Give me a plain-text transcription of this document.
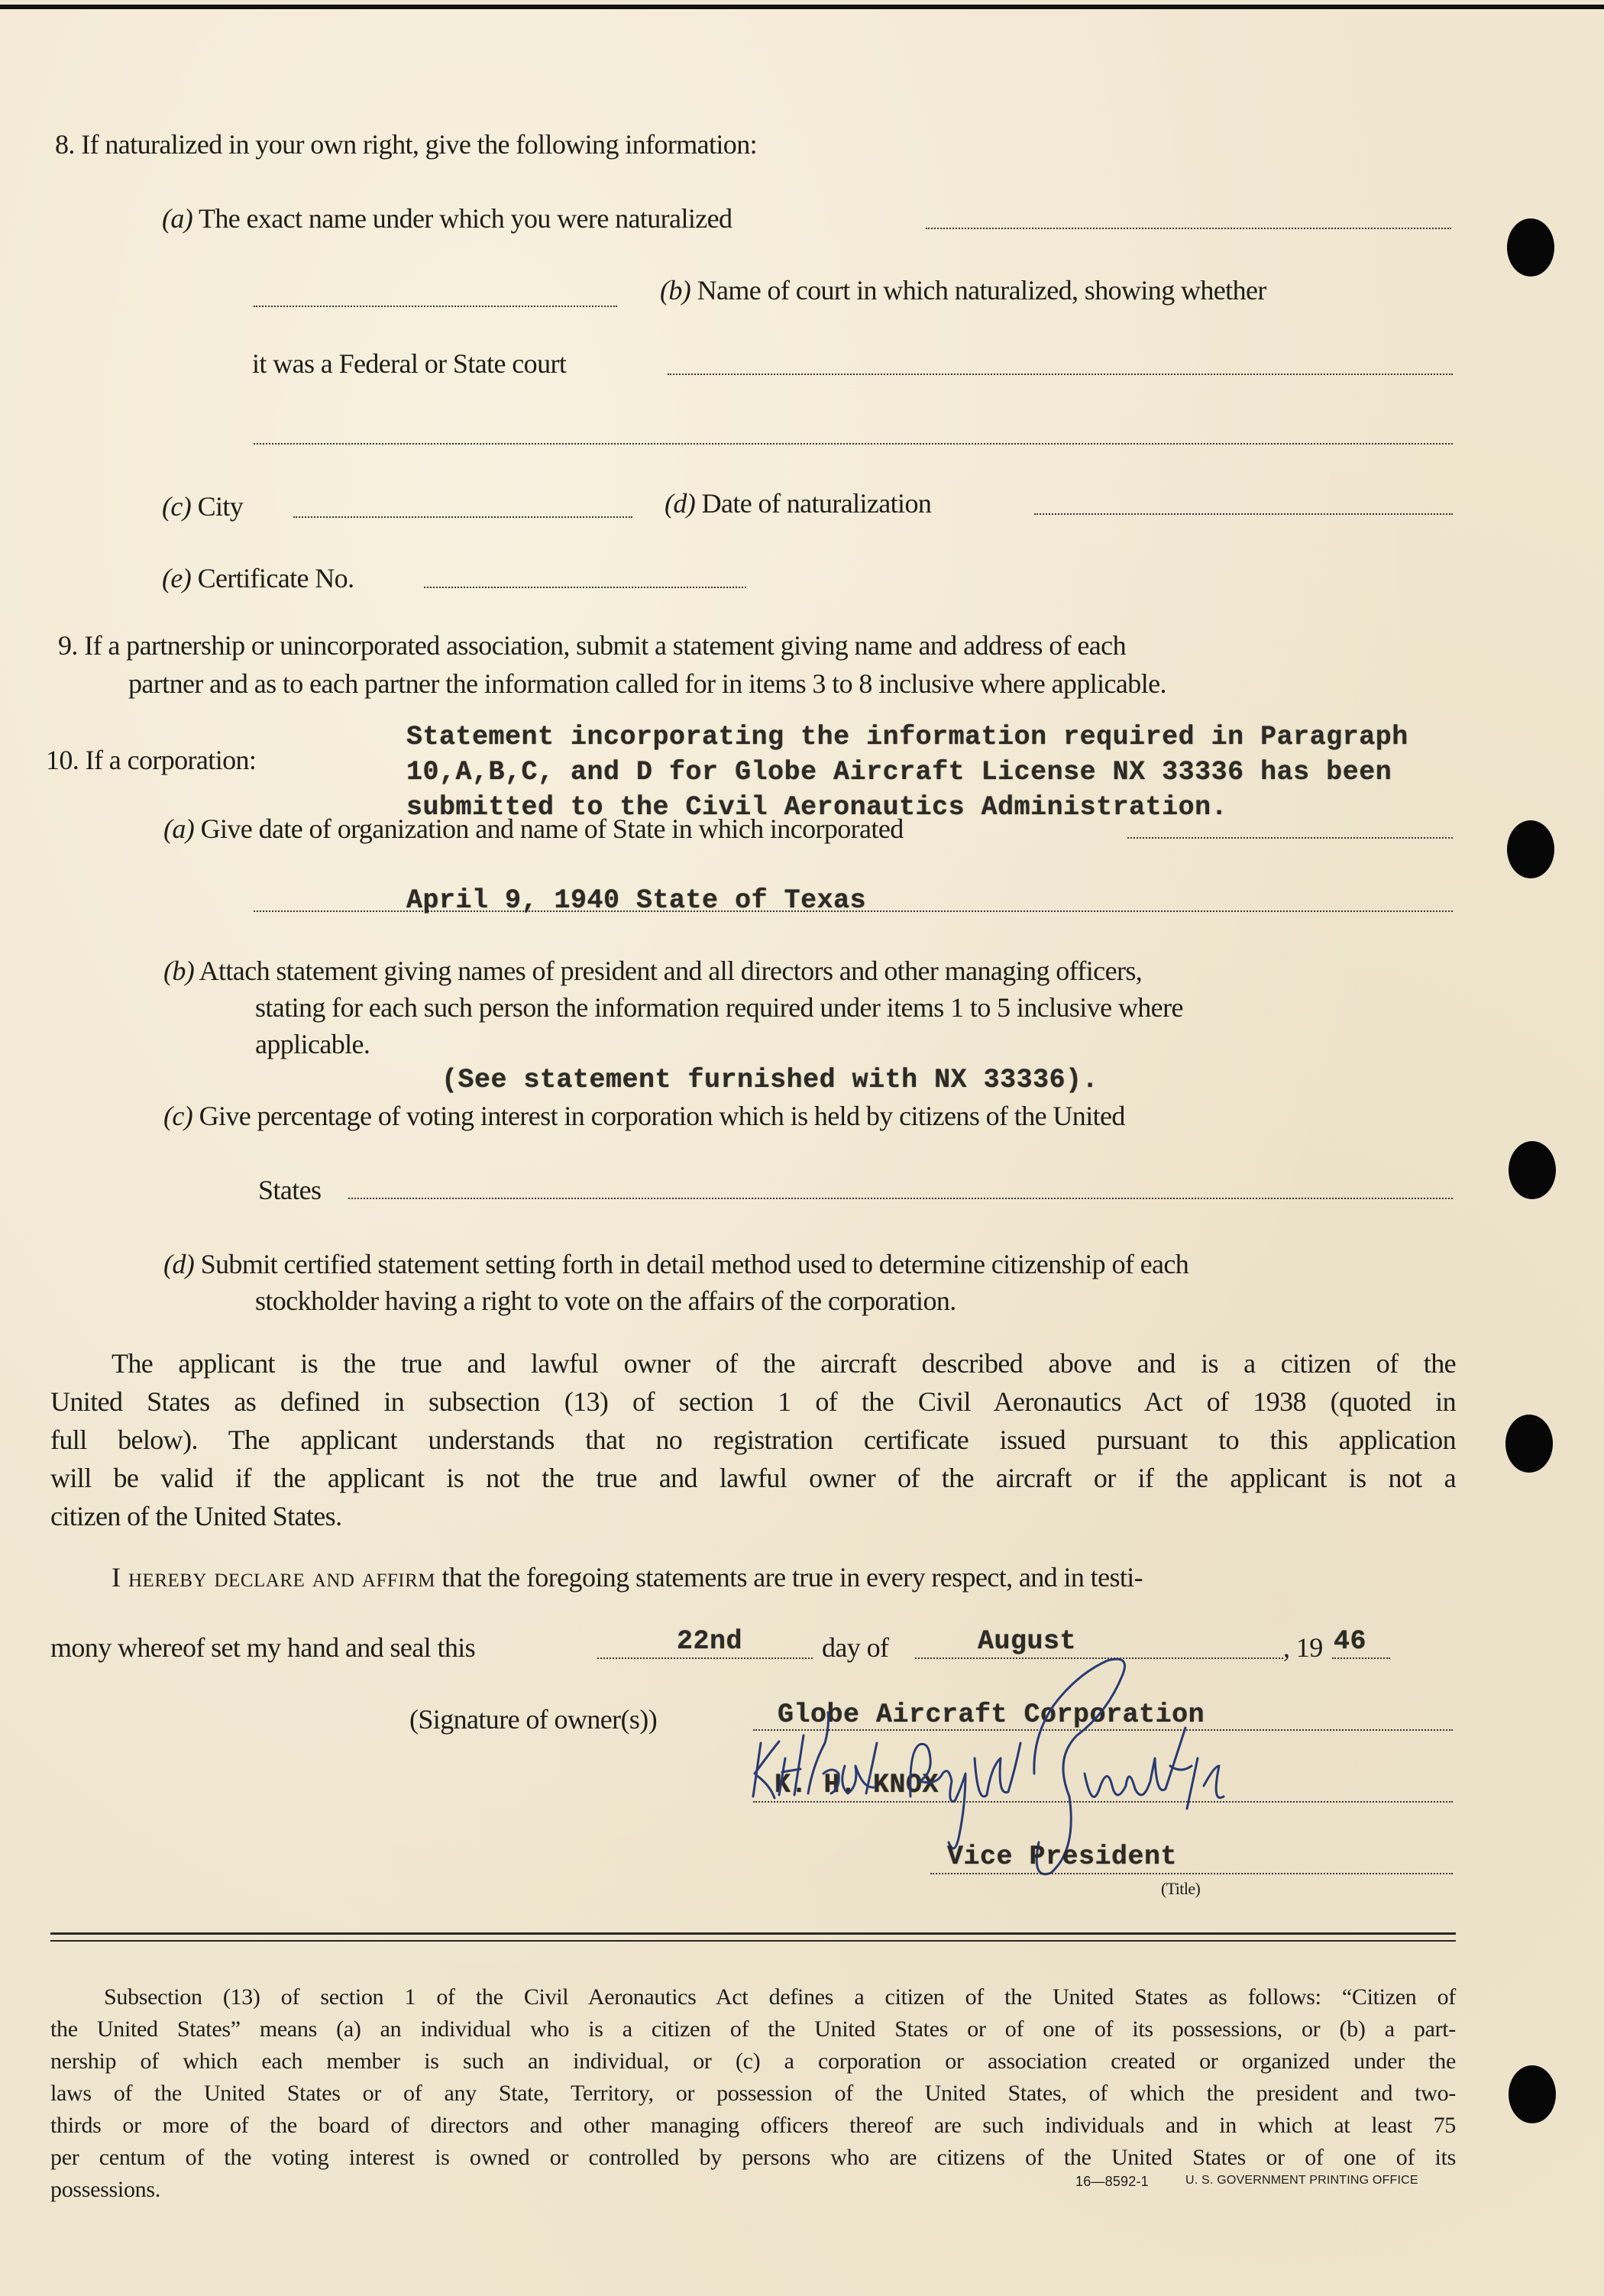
8. If naturalized in your own right, give the following information:
(a) The exact name under which you were naturalized
(b) Name of court in which naturalized, showing whether
it was a Federal or State court
(c) City	(d) Date of naturalization
(e) Certificate No.
9. If a partnership or unincorporated association, submit a statement giving name and address of each
partner and as to each partner the information called for in items 3 to 8 inclusive where applicable.
10. If a corporation:
Statement incorporating the information required in Paragraph
10,A,B,C, and D for Globe Aircraft License NX 33336 has been
submitted to the Civil Aeronautics Administration.
(a) Give date of organization and name of State in which incorporated
April 9, 1940 State of Texas
(b) Attach statement giving names of president and all directors and other managing officers,
stating for each such person the information required under items 1 to 5 inclusive where
applicable.
(See statement furnished with NX 33336).
(c) Give percentage of voting interest in corporation which is held by citizens of the United
States
(d) Submit certified statement setting forth in detail method used to determine citizenship of each
stockholder having a right to vote on the affairs of the corporation.
The applicant is the true and lawful owner of the aircraft described above and is a citizen of the
United States as defined in subsection (13) of section 1 of the Civil Aeronautics Act of 1938 (quoted in
full below). The applicant understands that no registration certificate issued pursuant to this application
will be valid if the applicant is not the true and lawful owner of the aircraft or if the applicant is not a
citizen of the United States.
I hereby declare and affirm that the foregoing statements are true in every respect, and in testi-
mony whereof set my hand and seal this	22nd	day of	August	, 19 46
(Signature of owner(s))	Globe Aircraft Corporation
K. H. KNOX
Vice President
(Title)
Subsection (13) of section 1 of the Civil Aeronautics Act defines a citizen of the United States as follows: “Citizen of
the United States” means (a) an individual who is a citizen of the United States or of one of its possessions, or (b) a part-
nership of which each member is such an individual, or (c) a corporation or association created or organized under the
laws of the United States or of any State, Territory, or possession of the United States, of which the president and two-
thirds or more of the board of directors and other managing officers thereof are such individuals and in which at least 75
per centum of the voting interest is owned or controlled by persons who are citizens of the United States or of one of its
possessions.	16—8592-1	U. S. GOVERNMENT PRINTING OFFICE
